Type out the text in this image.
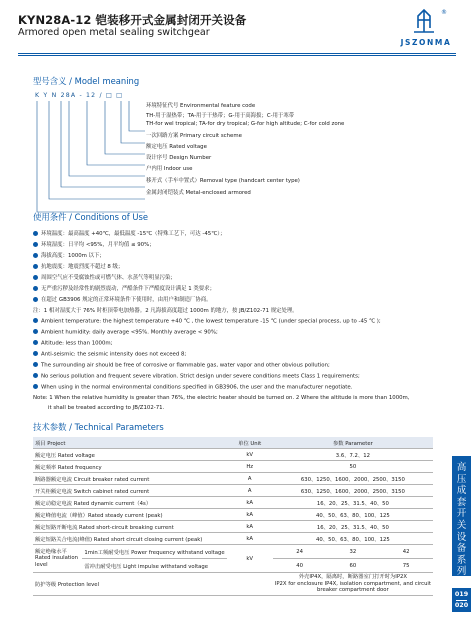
KYN28A-12 铠装移开式金属封闭开关设备
Armored open metal sealing switchgear
®
JSZONMA
型号含义 / Model meaning
K Y N 28A - 12 / □ □
环境特征代号 Environmental feature code
TH-用于湿热带；TA-用于干热带；G-用于高海拔；C-用于寒带
TH-for wel tropical; TA-for dry tropical; G-for high altitude; C-for cold zone
一次回路方案 Primary circuit scheme
额定电压 Rated voltage
设计序号 Design Number
户内用 Indoor use
移开式（手车中置式）Removal type (handcart center type)
金属封闭铠装式 Metal-enclosed armored
使用条件 / Conditions of Use
环境温度：最高温度 +40℃，最低温度 -15℃（特殊工艺下，可达 -45℃）；
环境湿度：日平均 <95%，月平均值 ≤ 90%；
海拔高度：1000m 以下；
抗地震度：地震烈度不超过 8 级；
周围空气应不受腐蚀性或可燃气体、水蒸气等明显污染；
无严重污秽及经常性的剧烈震动，严酷条件下严酷度设计满足 1 类要求；
在超过 GB3906 规定的正常环境条件下使用时，由用户和制造厂协商。
注：1 相对湿度大于 76% 时柜顶带电加热器。2 凡海拔高度超过 1000m 的地方，按 JB/Z102-71 规定处理。
Ambient temperature: the highest temperature +40 ℃ , the lowest temperature -15 ℃ (under special process, up to -45 ℃ );
Ambient humidity: daily average <95%. Monthly average < 90%;
Altitude: less than 1000m;
Anti-seismic: the seismic intensity does not exceed 8;
The surrounding air should be free of corrosive or flammable gas, water vapor and other obvious pollution;
No serious pollution and frequent severe vibration. Strict design under severe conditions meets Class 1 requirements;
When using in the normal environmental conditions specified in GB3906, the user and the manufacturer negotiate.
Note: 1 When the relative humidity is greater than 76%, the electric heater should be turned on. 2 Where the altitude is more than 1000m,
it shall be treated according to JB/Z102-71.
技术参数 / Technical Parameters
项目 Project		单位 Unit	参数 Parameter		
额定电压 Rated voltage		kV	3.6、7.2、12		
额定频率 Rated frequency		Hz	50		
断路器额定电流 Circuit breaker rated current		A	630、1250、1600、2000、2500、3150		
开关柜额定电流 Switch cabinet rated current		A	630、1250、1600、2000、2500、3150		
额定动稳定电流 Rated dynamic current（4s）		kA	16、20、25、31.5、40、50		
额定峰值电流（峰值）Rated steady current (peak)		kA	40、50、63、80、100、125		
额定短路开断电流 Rated short-circuit breaking current		kA	16、20、25、31.5、40、50		
额定短路关合电流(峰值) Rated short circuit closing current (peak)		kA	40、50、63、80、100、125		

额定绝缘水平
Rated insulation
level	1min工频耐受电压 Power frequency withstand voltage	kV	24	32	42
	雷冲击耐受电压 Light impulse withstand voltage		40	60	75
防护等级 Protection level			外壳IP4X，隔离时，断路器室门打开时为IP2X
IP2X for enclosure IP4X, isolation compartment, and circuit
breaker compartment door		
高
压
成
套
开
关
设
备
系
列
019
020
